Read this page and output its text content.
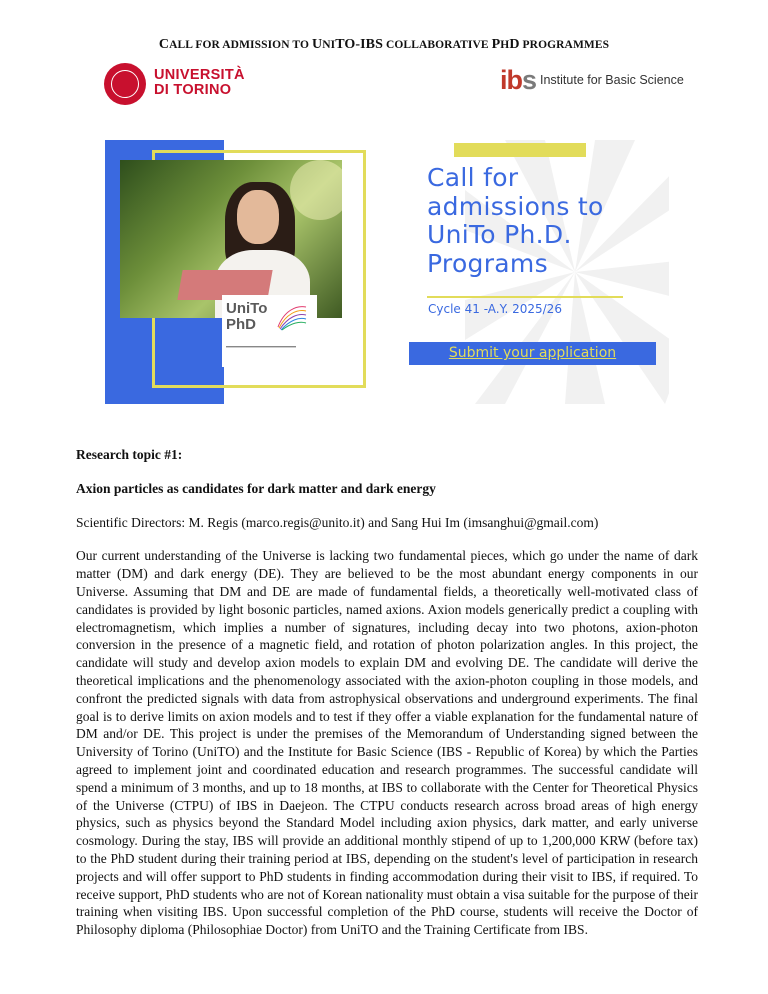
CALL FOR ADMISSION TO UNITO-IBS COLLABORATIVE PHD PROGRAMMES
UNIVERSITÀ
DI TORINO	ibs Institute for Basic Science
UniTo
PhD
Call for
admissions to
UniTo Ph.D.
Programs
Cycle 41 -A.Y. 2025/26
Submit your application

Research topic #1:

Axion particles as candidates for dark matter and dark energy

Scientific Directors: M. Regis (marco.regis@unito.it) and Sang Hui Im (imsanghui@gmail.com)

Our current understanding of the Universe is lacking two fundamental pieces, which go under the name of dark matter (DM) and dark energy (DE). They are believed to be the most abundant energy components in our Universe. Assuming that DM and DE are made of fundamental fields, a theoretically well-motivated class of candidates is provided by light bosonic particles, named axions. Axion models generically predict a coupling with electromagnetism, which implies a number of signatures, including decay into two photons, axion-photon conversion in the presence of a magnetic field, and rotation of photon polarization angles. In this project, the candidate will study and develop axion models to explain DM and evolving DE. The candidate will derive the theoretical implications and the phenomenology associated with the axion-photon coupling in those models, and confront the predicted signals with data from astrophysical observations and underground experiments. The final goal is to derive limits on axion models and to test if they offer a viable explanation for the fundamental nature of DM and/or DE. This project is under the premises of the Memorandum of Understanding signed between the University of Torino (UniTO) and the Institute for Basic Science (IBS - Republic of Korea) by which the Parties agreed to implement joint and coordinated education and research programmes. The successful candidate will spend a minimum of 3 months, and up to 18 months, at IBS to collaborate with the Center for Theoretical Physics of the Universe (CTPU) of IBS in Daejeon. The CTPU conducts research across broad areas of high energy physics, such as physics beyond the Standard Model including axion physics, dark matter, and early universe cosmology. During the stay, IBS will provide an additional monthly stipend of up to 1,200,000 KRW (before tax) to the PhD student during their training period at IBS, depending on the student's level of participation in research projects and will offer support to PhD students in finding accommodation during their visit to IBS, if required. To receive support, PhD students who are not of Korean nationality must obtain a visa suitable for the purpose of their training when visiting IBS. Upon successful completion of the PhD course, students will receive the Doctor of Philosophy diploma (Philosophiae Doctor) from UniTO and the Training Certificate from IBS.
